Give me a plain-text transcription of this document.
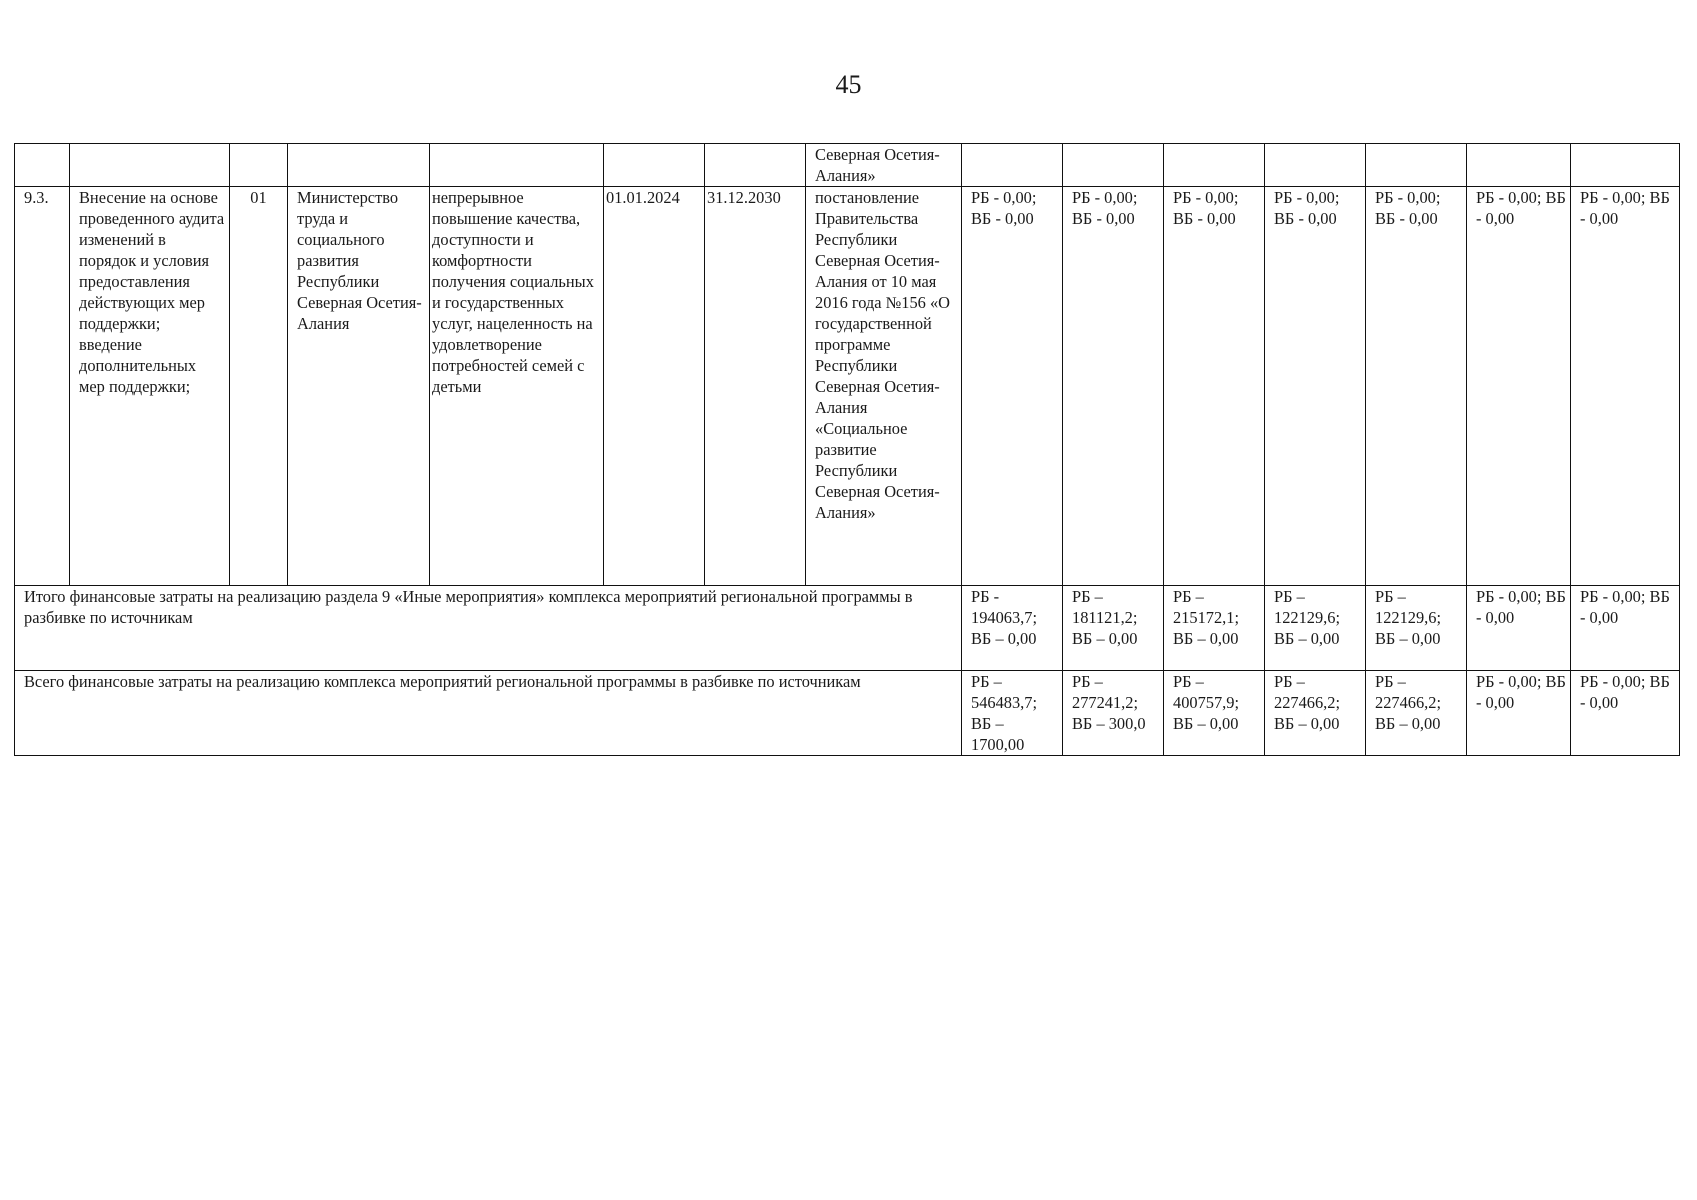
45
							Северная Осетия-Алания»							
9.3.	Внесение на основе проведенного аудита изменений в порядок и условия предоставления действующих мер поддержки; введение дополнительных мер поддержки;	01	Министерство труда и социального развития Республики Северная Осетия-Алания	непрерывное повышение качества, доступности и комфортности получения социальных и государственных услуг, нацеленность на удовлетворение потребностей семей с детьми	01.01.2024	31.12.2030	постановление Правительства Республики Северная Осетия-Алания от 10 мая 2016 года №156 «О государственной программе Республики Северная Осетия-Алания «Социальное развитие Республики Северная Осетия-Алания»	РБ - 0,00; ВБ - 0,00	РБ - 0,00; ВБ - 0,00	РБ - 0,00; ВБ - 0,00	РБ - 0,00; ВБ - 0,00	РБ - 0,00; ВБ - 0,00	РБ - 0,00; ВБ - 0,00	РБ - 0,00; ВБ - 0,00
Итого финансовые затраты на реализацию раздела 9 «Иные мероприятия» комплекса мероприятий региональной программы в разбивке по источникам								РБ - 194063,7; ВБ – 0,00	РБ – 181121,2; ВБ – 0,00	РБ – 215172,1; ВБ – 0,00	РБ – 122129,6; ВБ – 0,00	РБ – 122129,6; ВБ – 0,00	РБ - 0,00; ВБ - 0,00	РБ - 0,00; ВБ - 0,00
Всего финансовые затраты на реализацию комплекса мероприятий региональной программы в разбивке по источникам								РБ – 546483,7; ВБ – 1700,00	РБ – 277241,2; ВБ – 300,0	РБ – 400757,9; ВБ – 0,00	РБ – 227466,2; ВБ – 0,00	РБ – 227466,2; ВБ – 0,00	РБ - 0,00; ВБ - 0,00	РБ - 0,00; ВБ - 0,00
